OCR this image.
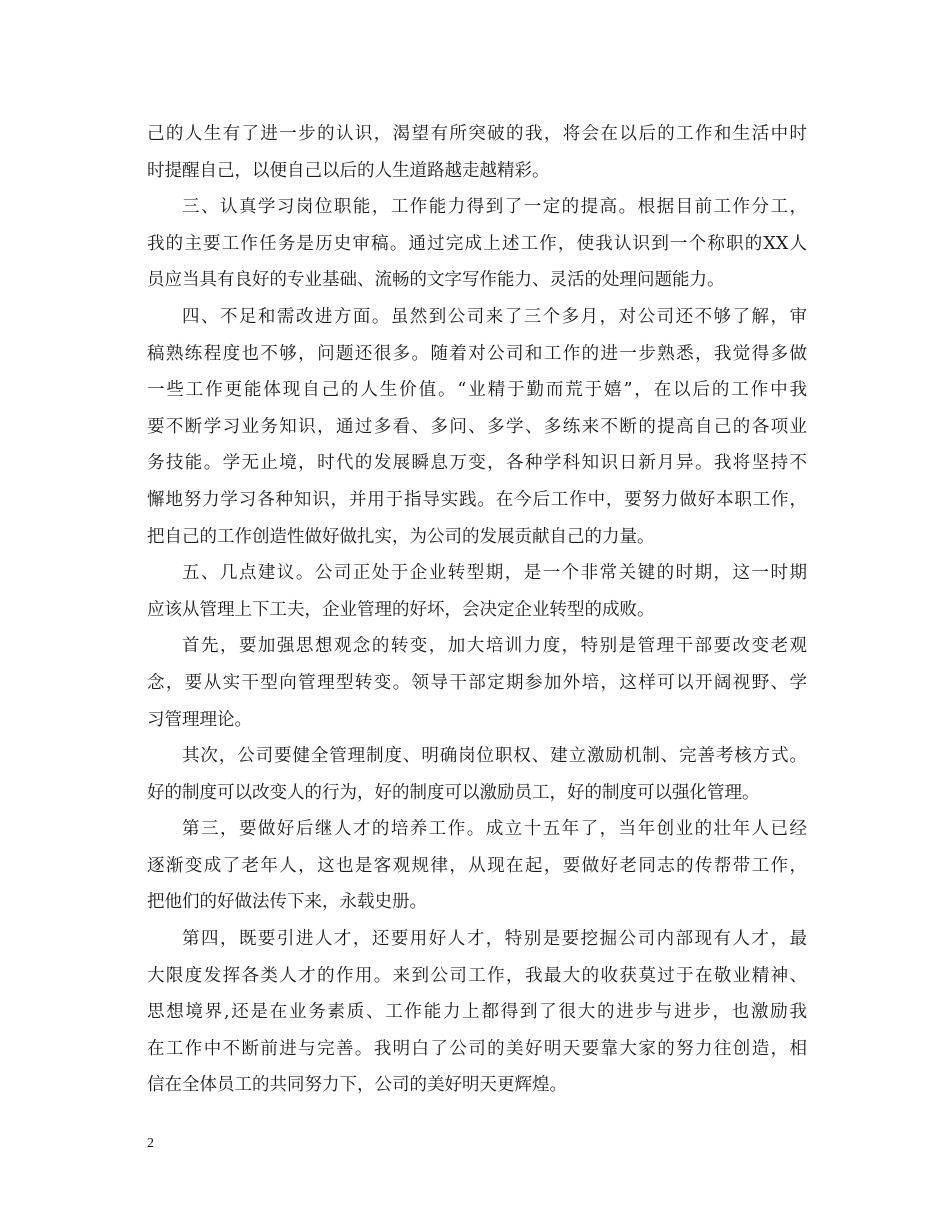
己的人生有了进一步的认识，渴望有所突破的我，将会在以后的工作和生活中时
时提醒自己，以便自己以后的人生道路越走越精彩。
三、认真学习岗位职能，工作能力得到了一定的提高。根据目前工作分工，
我的主要工作任务是历史审稿。通过完成上述工作，使我认识到一个称职的XX人
员应当具有良好的专业基础、流畅的文字写作能力、灵活的处理问题能力。
四、不足和需改进方面。虽然到公司来了三个多月，对公司还不够了解，审
稿熟练程度也不够，问题还很多。随着对公司和工作的进一步熟悉，我觉得多做
一些工作更能体现自己的人生价值。“业精于勤而荒于嬉”，在以后的工作中我
要不断学习业务知识，通过多看、多问、多学、多练来不断的提高自己的各项业
务技能。学无止境，时代的发展瞬息万变，各种学科知识日新月异。我将坚持不
懈地努力学习各种知识，并用于指导实践。在今后工作中，要努力做好本职工作，
把自己的工作创造性做好做扎实，为公司的发展贡献自己的力量。
五、几点建议。公司正处于企业转型期，是一个非常关键的时期，这一时期
应该从管理上下工夫，企业管理的好坏，会决定企业转型的成败。
首先，要加强思想观念的转变，加大培训力度，特别是管理干部要改变老观
念，要从实干型向管理型转变。领导干部定期参加外培，这样可以开阔视野、学
习管理理论。
其次，公司要健全管理制度、明确岗位职权、建立激励机制、完善考核方式。
好的制度可以改变人的行为，好的制度可以激励员工，好的制度可以强化管理。
第三，要做好后继人才的培养工作。成立十五年了，当年创业的壮年人已经
逐渐变成了老年人，这也是客观规律，从现在起，要做好老同志的传帮带工作，
把他们的好做法传下来，永载史册。
第四，既要引进人才，还要用好人才，特别是要挖掘公司内部现有人才，最
大限度发挥各类人才的作用。来到公司工作，我最大的收获莫过于在敬业精神、
思想境界,还是在业务素质、工作能力上都得到了很大的进步与进步，也激励我
在工作中不断前进与完善。我明白了公司的美好明天要靠大家的努力往创造，相
信在全体员工的共同努力下，公司的美好明天更辉煌。
2
